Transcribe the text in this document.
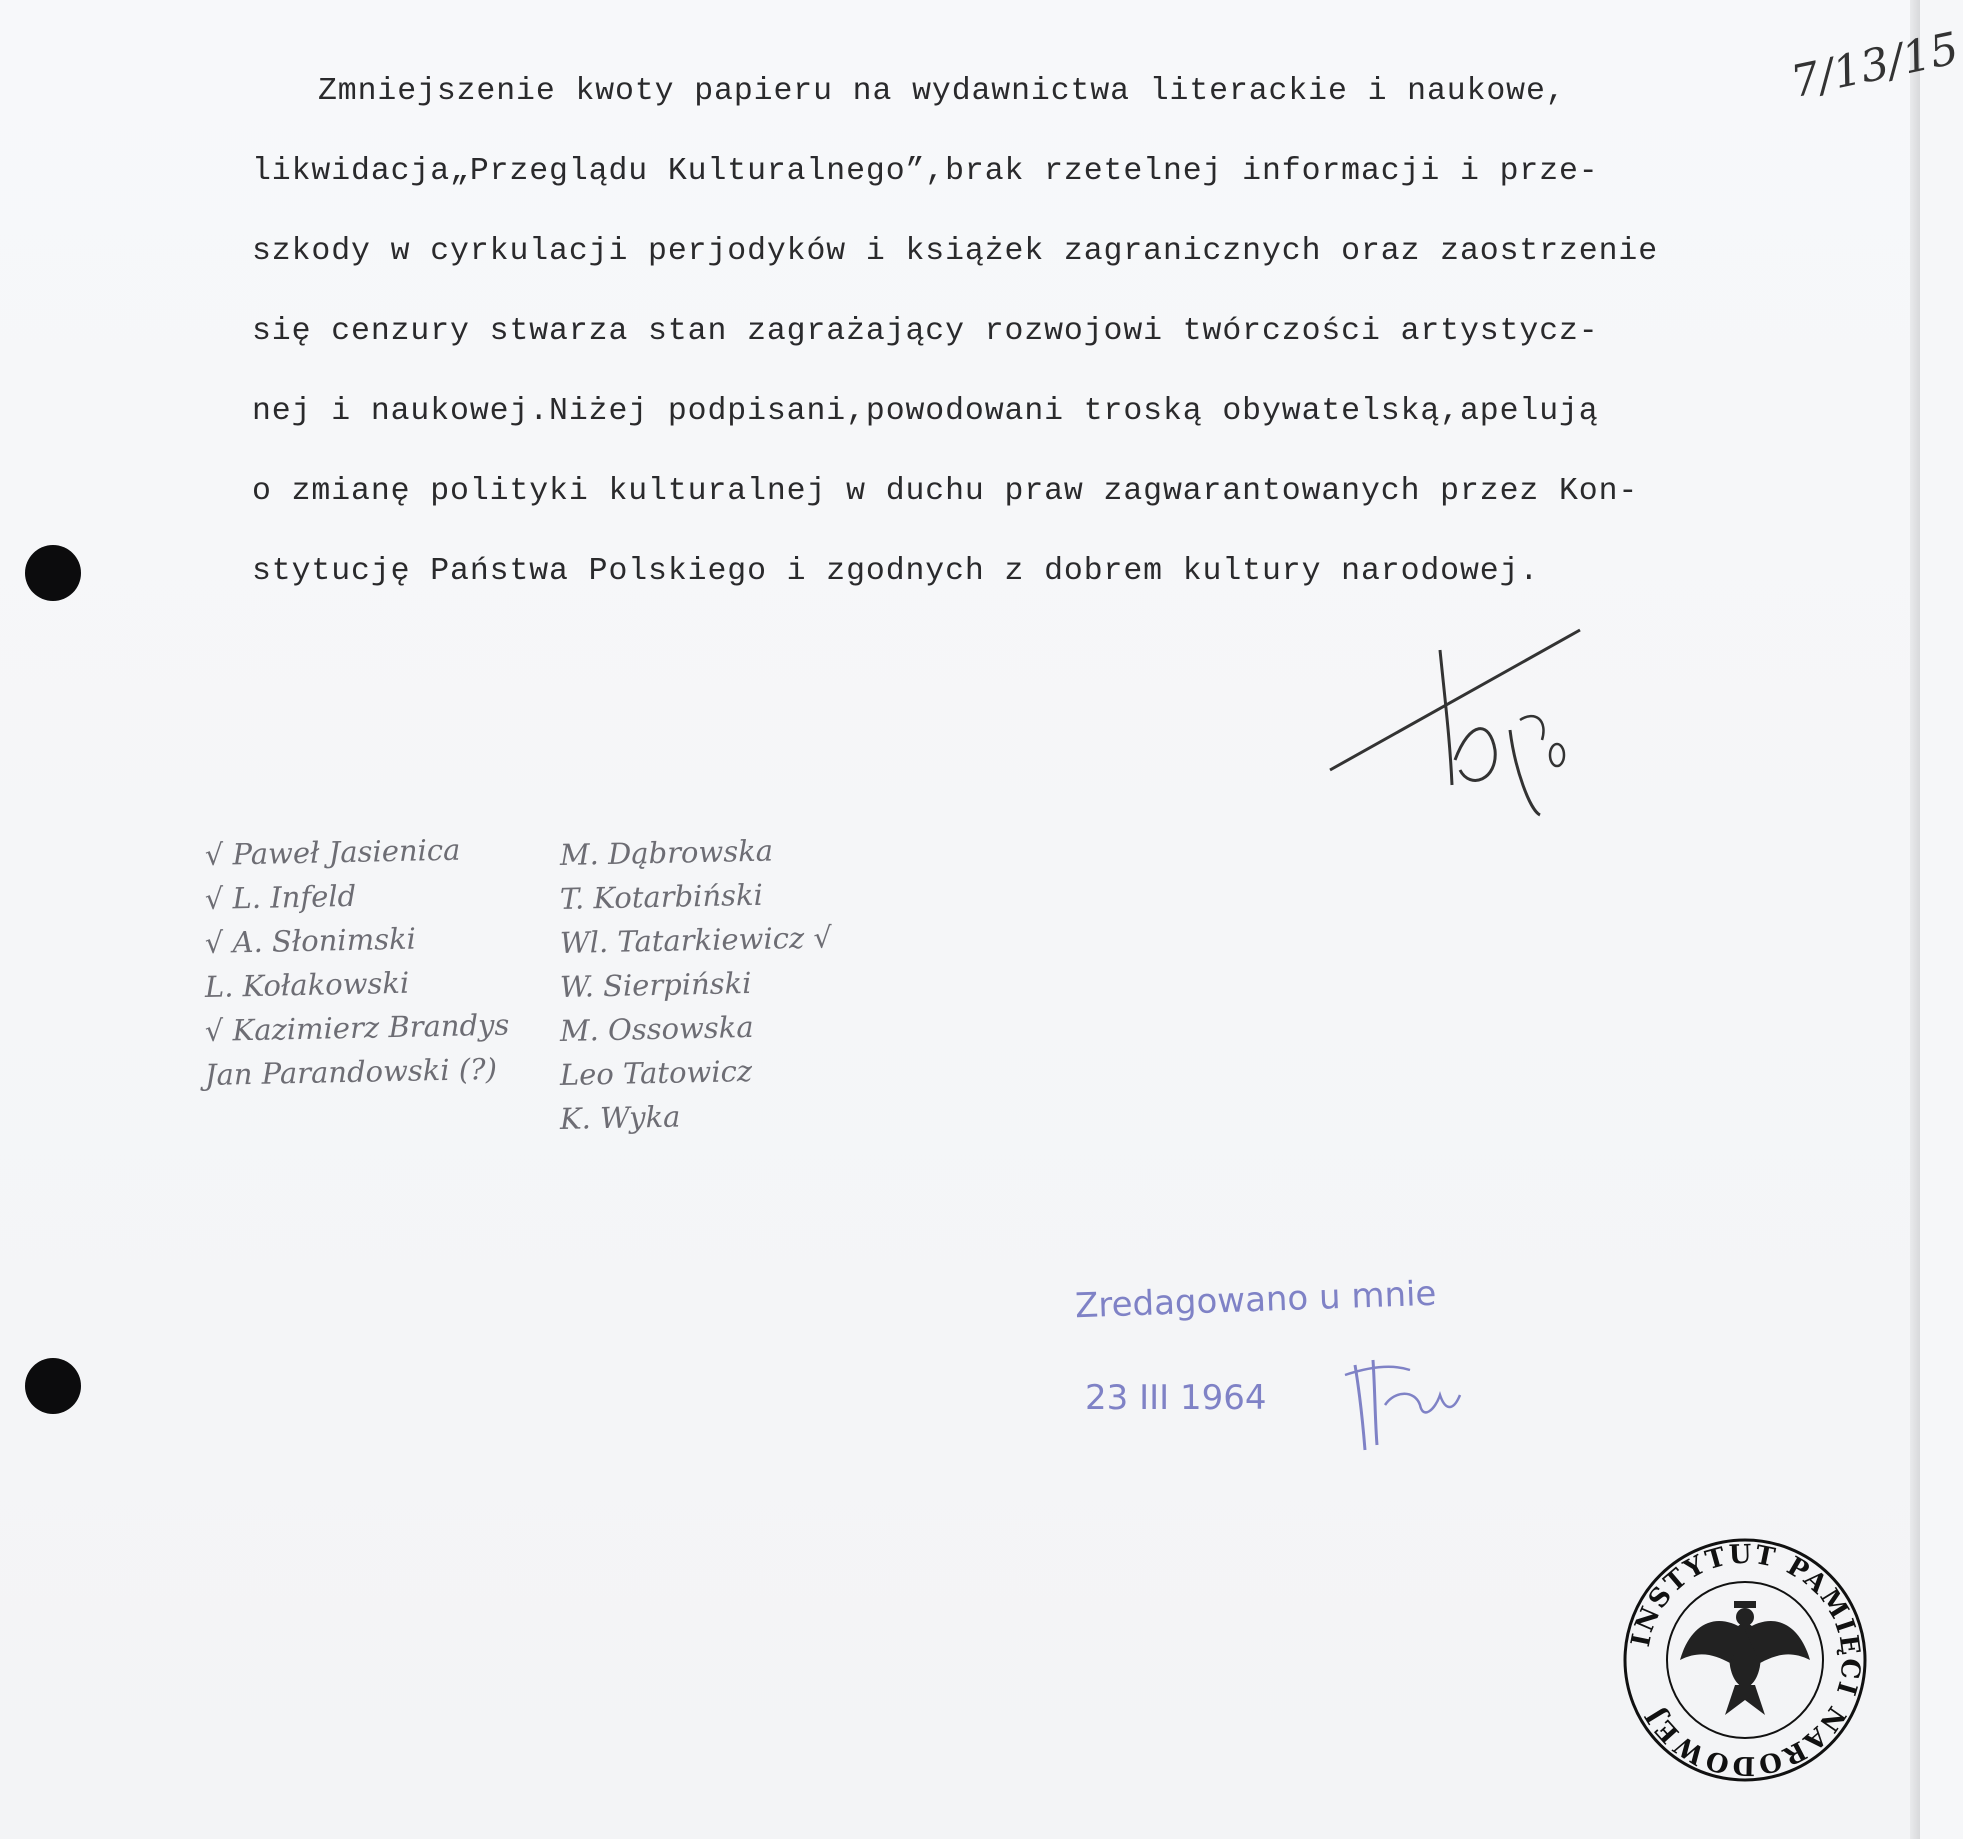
7/13/15
Zmniejszenie kwoty papieru na wydawnictwa literackie i naukowe,
likwidacja„Przeglądu Kulturalnego”,brak rzetelnej informacji i prze-
szkody w cyrkulacji perjodyków i książek zagranicznych oraz zaostrzenie
się cenzury stwarza stan zagrażający rozwojowi twórczości artystycz-
nej i naukowej.Niżej podpisani,powodowani troską obywatelską,apelują
o zmianę polityki kulturalnej w duchu praw zagwarantowanych przez Kon-
stytucję Państwa Polskiego i zgodnych z dobrem kultury narodowej.
√ Paweł Jasienica
√ L. Infeld
√ A. Słonimski
L. Kołakowski
√ Kazimierz Brandys
Jan Parandowski (?)
M. Dąbrowska
T. Kotarbiński
Wl. Tatarkiewicz √
W. Sierpiński
M. Ossowska
Leo Tatowicz
K. Wyka
Zredagowano u mnie
23 III 1964
INSTYTUT PAMIĘCI NARODOWEJ
